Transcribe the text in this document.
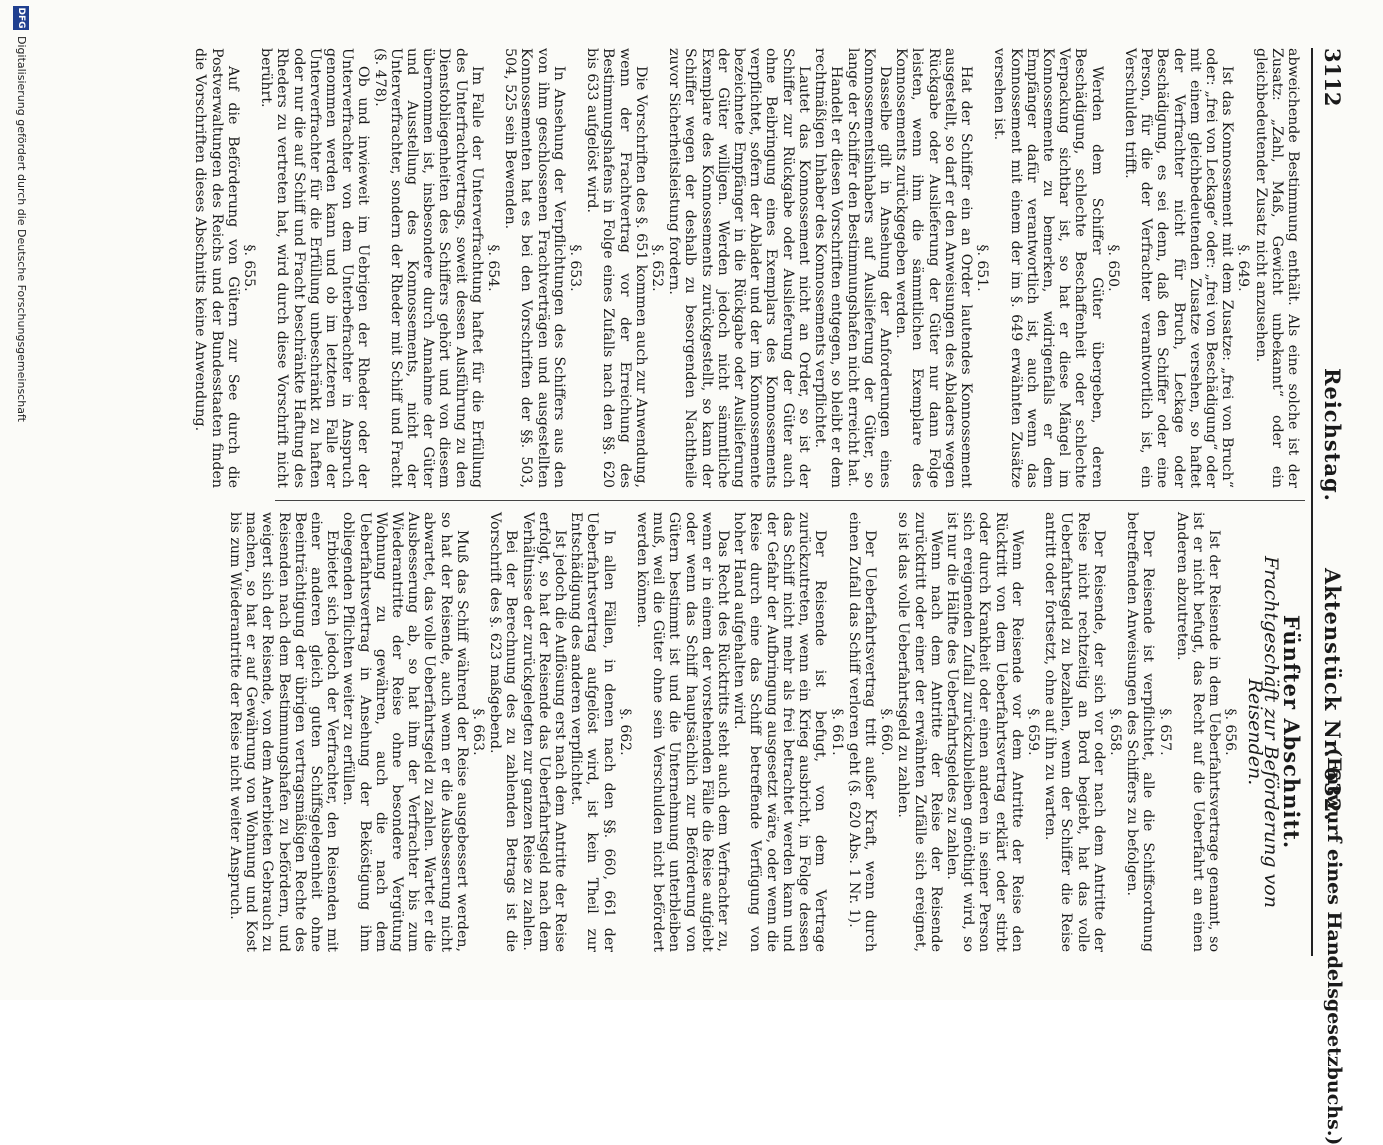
3112
Reichstag.
Aktenstück Nr. 632.
(Entwurf eines Handelsgesetzbuchs.)

abweichende Bestimmung enthält. Als eine solche ist der Zusatz: „Zahl, Maß, Gewicht unbekannt“ oder ein gleichbedeutender Zusatz nicht anzusehen.

§. 649.

Ist das Konnossement mit dem Zusatze: „frei von Bruch“ oder: „frei von Leckage“ oder: „frei von Beschädigung“ oder mit einem gleichbedeutenden Zusatze versehen, so haftet der Verfrachter nicht für Bruch, Leckage oder Beschädigung, es sei denn, daß den Schiffer oder eine Person, für die der Verfrachter verantwortlich ist, ein Verschulden trifft.

§. 650.

Werden dem Schiffer Güter übergeben, deren Beschädigung, schlechte Beschaffenheit oder schlechte Verpackung sichtbar ist, so hat er diese Mängel im Konnossemente zu bemerken, widrigenfalls er dem Empfänger dafür verantwortlich ist, auch wenn das Konnossement mit einem der im §. 649 erwähnten Zusätze versehen ist.

§. 651.

Hat der Schiffer ein an Order lautendes Konnossement ausgestellt, so darf er den Anweisungen des Abladers wegen Rückgabe oder Auslieferung der Güter nur dann Folge leisten, wenn ihm die sämmtlichen Exemplare des Konnossements zurückgegeben werden.

Dasselbe gilt in Ansehung der Anforderungen eines Konnossementsinhabers auf Auslieferung der Güter, so lange der Schiffer den Bestimmungshafen nicht erreicht hat.

Handelt er diesen Vorschriften entgegen, so bleibt er dem rechtmäßigen Inhaber des Konnossements verpflichtet.

Lautet das Konnossement nicht an Order, so ist der Schiffer zur Rückgabe oder Auslieferung der Güter auch ohne Beibringung eines Exemplars des Konnossements verpflichtet, sofern der Ablader und der im Konnossemente bezeichnete Empfänger in die Rückgabe oder Auslieferung der Güter willigen. Werden jedoch nicht sämmtliche Exemplare des Konnossements zurückgestellt, so kann der Schiffer wegen der deshalb zu besorgenden Nachtheile zuvor Sicherheitsleistung fordern.

§. 652.

Die Vorschriften des §. 651 kommen auch zur Anwendung, wenn der Frachtvertrag vor der Erreichung des Bestimmungshafens in Folge eines Zufalls nach den §§. 620 bis 633 aufgelöst wird.

§. 653.

In Ansehung der Verpflichtungen des Schiffers aus den von ihm geschlossenen Frachtverträgen und ausgestellten Konnossementen hat es bei den Vorschriften der §§. 503, 504, 525 sein Bewenden.

§. 654.

Im Falle der Unterverfrachtung haftet für die Erfüllung des Unterfrachtvertrags, soweit dessen Ausführung zu den Dienstobliegenheiten des Schiffers gehört und von diesem übernommen ist, insbesondere durch Annahme der Güter und Ausstellung des Konnossements, nicht der Unterverfrachter, sondern der Rheder mit Schiff und Fracht (§. 478).

Ob und inwieweit im Uebrigen der Rheder oder der Unterverfrachter von dem Unterbefrachter in Anspruch genommen werden kann und ob im letzteren Falle der Unterverfrachter für die Erfüllung unbeschränkt zu haften oder nur die auf Schiff und Fracht beschränkte Haftung des Rheders zu vertreten hat, wird durch diese Vorschrift nicht berührt.

§. 655.

Auf die Beförderung von Gütern zur See durch die Postverwaltungen des Reichs und der Bundesstaaten finden die Vorschriften dieses Abschnitts keine Anwendung.

Fünfter Abschnitt.
Frachtgeschäft zur Beförderung von Reisenden.
§. 656.

Ist der Reisende in dem Ueberfahrtsvertrage genannt, so ist er nicht befugt, das Recht auf die Ueberfahrt an einen Anderen abzutreten.

§. 657.

Der Reisende ist verpflichtet, alle die Schiffsordnung betreffenden Anweisungen des Schiffers zu befolgen.

§. 658.

Der Reisende, der sich vor oder nach dem Antritte der Reise nicht rechtzeitig an Bord begiebt, hat das volle Ueberfahrtsgeld zu bezahlen, wenn der Schiffer die Reise antritt oder fortsetzt, ohne auf ihn zu warten.

§. 659.

Wenn der Reisende vor dem Antritte der Reise den Rücktritt von dem Ueberfahrtsvertrag erklärt oder stirbt oder durch Krankheit oder einen anderen in seiner Person sich ereignenden Zufall zurückzubleiben genöthigt wird, so ist nur die Hälfte des Ueberfahrtsgeldes zu zahlen.

Wenn nach dem Antritte der Reise der Reisende zurücktritt oder einer der erwähnten Zufälle sich ereignet, so ist das volle Ueberfahrtsgeld zu zahlen.

§. 660.

Der Ueberfahrtsvertrag tritt außer Kraft, wenn durch einen Zufall das Schiff verloren geht (§. 620 Abs. 1 Nr. 1).

§. 661.

Der Reisende ist befugt, von dem Vertrage zurückzutreten, wenn ein Krieg ausbricht, in Folge dessen das Schiff nicht mehr als frei betrachtet werden kann und der Gefahr der Aufbringung ausgesetzt wäre, oder wenn die Reise durch eine das Schiff betreffende Verfügung von hoher Hand aufgehalten wird.

Das Recht des Rücktritts steht auch dem Verfrachter zu, wenn er in einem der vorstehenden Fälle die Reise aufgiebt oder wenn das Schiff hauptsächlich zur Beförderung von Gütern bestimmt ist und die Unternehmung unterbleiben muß, weil die Güter ohne sein Verschulden nicht befördert werden können.

§. 662.

In allen Fällen, in denen nach den §§. 660, 661 der Ueberfahrtsvertrag aufgelöst wird, ist kein Theil zur Entschädigung des anderen verpflichtet.

Ist jedoch die Auflösung erst nach dem Antritte der Reise erfolgt, so hat der Reisende das Ueberfahrtsgeld nach dem Verhältnisse der zurückgelegten zur ganzen Reise zu zahlen.

Bei der Berechnung des zu zahlenden Betrags ist die Vorschrift des §. 623 maßgebend.

§. 663.

Muß das Schiff während der Reise ausgebessert werden, so hat der Reisende, auch wenn er die Ausbesserung nicht abwartet, das volle Ueberfahrtsgeld zu zahlen. Wartet er die Ausbesserung ab, so hat ihm der Verfrachter bis zum Wiederantritte der Reise ohne besondere Vergütung Wohnung zu gewähren, auch die nach dem Ueberfahrtsvertrag in Ansehung der Beköstigung ihm obliegenden Pflichten weiter zu erfüllen.

Erbietet sich jedoch der Verfrachter, den Reisenden mit einer anderen gleich guten Schiffsgelegenheit ohne Beeinträchtigung der übrigen vertragsmäßigen Rechte des Reisenden nach dem Bestimmungshafen zu befördern, und weigert sich der Reisende, von dem Anerbieten Gebrauch zu machen, so hat er auf Gewährung von Wohnung und Kost bis zum Wiederantritte der Reise nicht weiter Anspruch.

DFG
Digitalisierung gefördert durch die Deutsche Forschungsgemeinschaft
